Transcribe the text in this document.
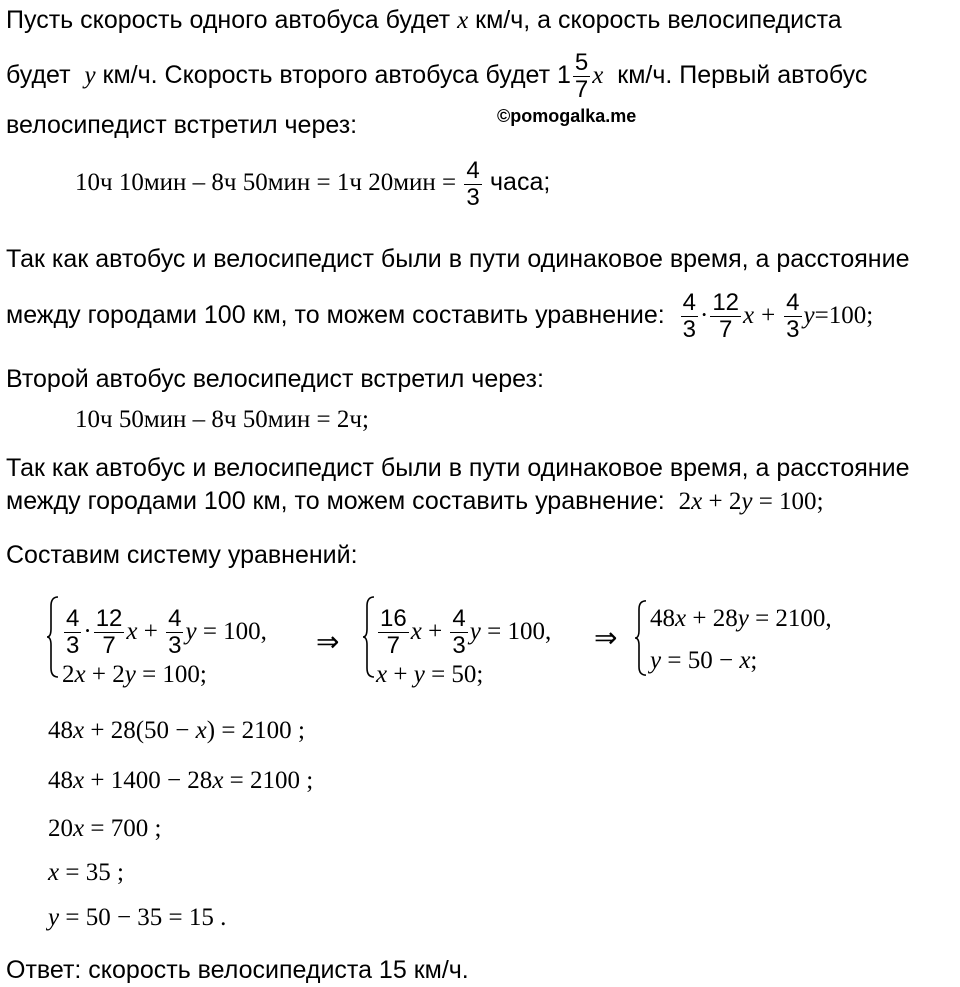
©pomogalka.me
Пусть скорость одного автобуса будет x км/ч, а скорость велосипедиста
будет y км/ч. Скорость второго автобуса будет $1 \frac{5}{7}$ x км/ч. Первый автобус
велосипедист встретил через:
10ч 10мин – 8ч 50мин = 1ч $20мин = \frac{4}{3}$ часа;
Так как автобус и велосипедист были в пути одинаковое время, а расстояние
между городами 100 км, то можем составить уравнение: $\frac{4}{3} \cdot \frac{12}{7}$ $x + \frac{4}{3} y=100$;
Второй автобус велосипедист встретил через:
10ч 50мин – 8ч 50мин = 2ч;
Так как автобус и велосипедист были в пути одинаковое время, а расстояние
между городами 100 км, то можем составить уравнение: 2x + 2y = 100;
Составим систему уравнений:
$\frac{4}{3} \cdot \frac{12}{7}$ $x + \frac{4}{3}$ y = 100,
2x + 2y = 100;
⇒ $\frac{16}{7}$ $x + \frac{4}{3}$ y = 100,
x + y = 50;
⇒
48x + 28y = 2100,
y = 50 − x;
48x + 28(50 − x) = 2100 ;
48x + 1400 − 28x = 2100 ;
20x = 700 ;
x = 35 ;
y = 50 − 35 = 15 .
Ответ: скорость велосипедиста 15 км/ч.
